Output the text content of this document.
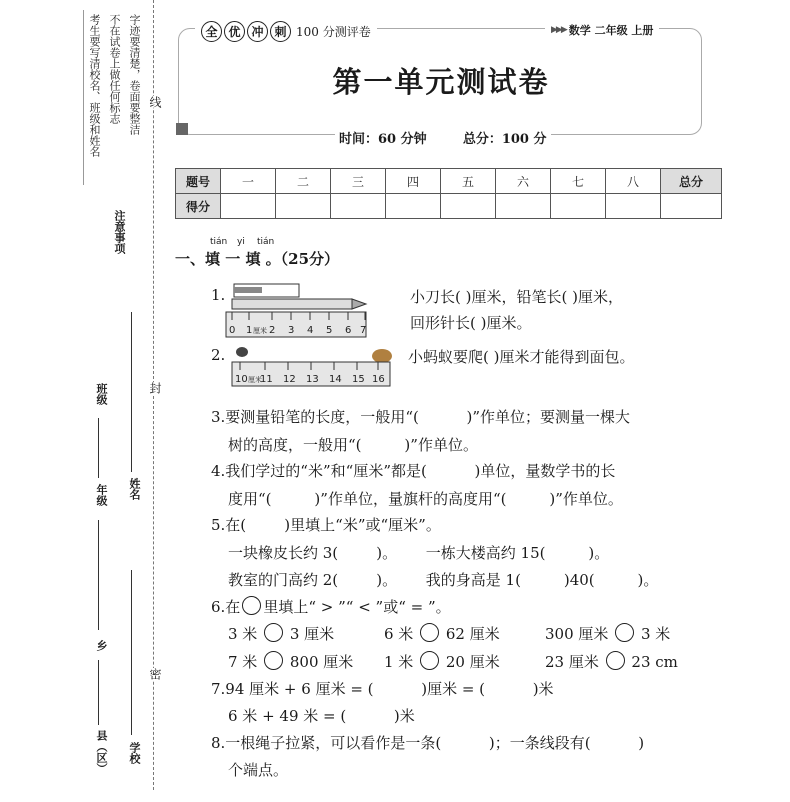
考生要写清校名、班级和姓名 不在试卷上做任何标志 字迹要清楚，卷面要整洁
注意事项
线
封
密
班级
年级 姓名
乡
县（区） 学校
全 优 冲 刺 100 分测评卷	▶▶▶ 数学 二年级 上册
第一单元测试卷
时间：60 分钟        总分：100 分
题号	一	二	三	四	五	六	七	八	总分
得分									
tián yi tián
一、填 一 填 。（25分）
1.
0 1 厘米 2 3 4 5 6 7
小刀长( )厘米，铅笔长( )厘米，
回形针长( )厘米。
2.
10 厘米
11 12 13 14 15 16
小蚂蚁要爬( )厘米才能得到面包。
3.要测量铅笔的长度，一般用“(          )”作单位；要测量一棵大
树的高度，一般用“(         )”作单位。
4.我们学过的“米”和“厘米”都是(          )单位，量数学书的长
度用“(         )”作单位，量旗杆的高度用“(         )”作单位。
5.在(        )里填上“米”或“厘米”。
一块橡皮长约 3(        )。      一栋大楼高约 15(         )。
教室的门高约 2(        )。      我的身高是 1(         )40(         )。
6.在 里填上“ > ”“ < ”或“ = ”。
3 米 3 厘米	6 米 62 厘米	300 厘米 3 米
7 米 800 厘米 1 米 20 厘米	23 厘米 23 cm
7.94 厘米 + 6 厘米 = (          )厘米 = (          )米
6 米 + 49 米 = (          )米
8.一根绳子拉紧，可以看作是一条(          )；一条线段有(          )
个端点。
